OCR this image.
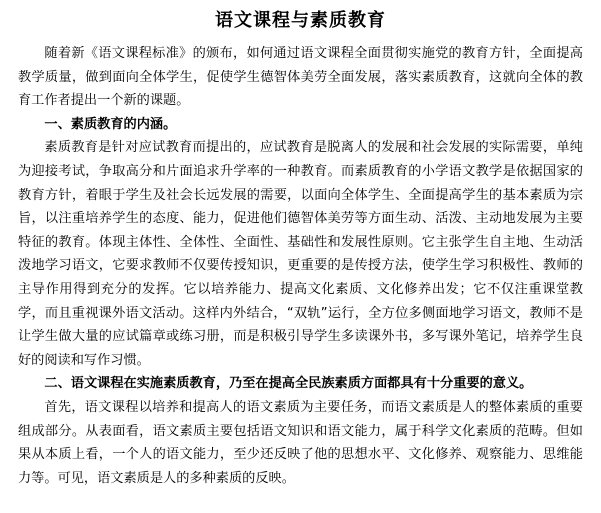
语文课程与素质教育

随着新《语文课程标准》的颁布，如何通过语文课程全面贯彻实施党的教育方针，全面提高教学质量，做到面向全体学生，促使学生德智体美劳全面发展，落实素质教育，这就向全体的教育工作者提出一个新的课题。

一、素质教育的内涵。

素质教育是针对应试教育而提出的，应试教育是脱离人的发展和社会发展的实际需要，单纯为迎接考试，争取高分和片面追求升学率的一种教育。而素质教育的小学语文教学是依据国家的教育方针，着眼于学生及社会长远发展的需要，以面向全体学生、全面提高学生的基本素质为宗旨，以注重培养学生的态度、能力，促进他们德智体美劳等方面生动、活泼、主动地发展为主要特征的教育。体现主体性、全体性、全面性、基础性和发展性原则。它主张学生自主地、生动活泼地学习语文，它要求教师不仅要传授知识，更重要的是传授方法，使学生学习积极性、教师的主导作用得到充分的发挥。它以培养能力、提高文化素质、文化修养出发；它不仅注重课堂教学，而且重视课外语文活动。这样内外结合，“双轨”运行，全方位多侧面地学习语文，教师不是让学生做大量的应试篇章或练习册，而是积极引导学生多读课外书，多写课外笔记，培养学生良好的阅读和写作习惯。

二、语文课程在实施素质教育，乃至在提高全民族素质方面都具有十分重要的意义。

首先，语文课程以培养和提高人的语文素质为主要任务，而语文素质是人的整体素质的重要组成部分。从表面看，语文素质主要包括语文知识和语文能力，属于科学文化素质的范畴。但如果从本质上看，一个人的语文能力，至少还反映了他的思想水平、文化修养、观察能力、思维能力等。可见，语文素质是人的多种素质的反映。
